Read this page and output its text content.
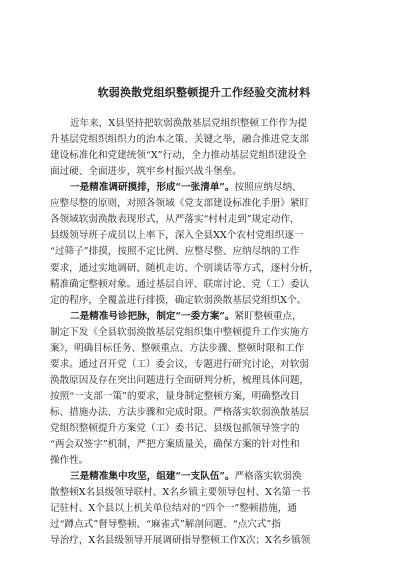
软弱涣散党组织整顿提升工作经验交流材料
近年来，X县坚持把软弱涣散基层党组织整顿工作作为提
升基层党组织组织力的治本之策、关键之举，融合推进党支部
建设标准化和党建统领“X”行动，全力推动基层党组织建设全
面过硬、全面进步，筑牢乡村振兴战斗堡垒。
一是精准调研摸排，形成“一张清单”。按照应纳尽纳、
应整尽整的原则，对照各领域《党支部建设标准化手册》紧盯
各领域软弱涣散表现形式，从严落实“村村走到”规定动作，
县级领导班子成员以上率下，深入全县XX个农村党组织逐一
“过筛子”排摸，按照不定比例、应整尽整、应纳尽纳的工作
要求，通过实地调研、随机走访、个别谈话等方式，逐村分析，
精准确定整顿对象。通过基层自评、联席讨论、党（工）委认
定的程序，全覆盖进行排摸，确定软弱涣散基层党组织X个。
二是精准号诊把脉，制定“一委方案”。紧盯整顿重点，
制定下发《全县软弱涣散基层党组织集中整顿提升工作实施方
案》，明确目标任务、整顿重点、方法步骤、整顿时限和工作
要求。通过召开党（工）委会议，专题进行研究讨论，对软弱
涣散原因及存在突出问题进行全面研判分析，梳理具体问题，
按照“一支部一策”的要求，量身制定整顿方案，明确整改目
标、措施办法、方法步骤和完成时限。严格落实软弱涣散基层
党组织整顿提升方案党（工）委书记、县级包抓领导签字的
“两会双签字”机制，严把方案质量关，确保方案的针对性和
操作性。
三是精准集中攻坚，组建“一支队伍”。严格落实软弱涣
散整顿X名县级领导联村、X名乡镇主要领导包村、X名第一书
记驻村、X个县以上机关单位结对的“四个一”整顿措施，通
过“蹲点式”督导整顿、“麻雀式”解剖问题、“点穴式”指
导治疗，X名县级领导开展调研指导整顿工作X次；X名乡镇领
